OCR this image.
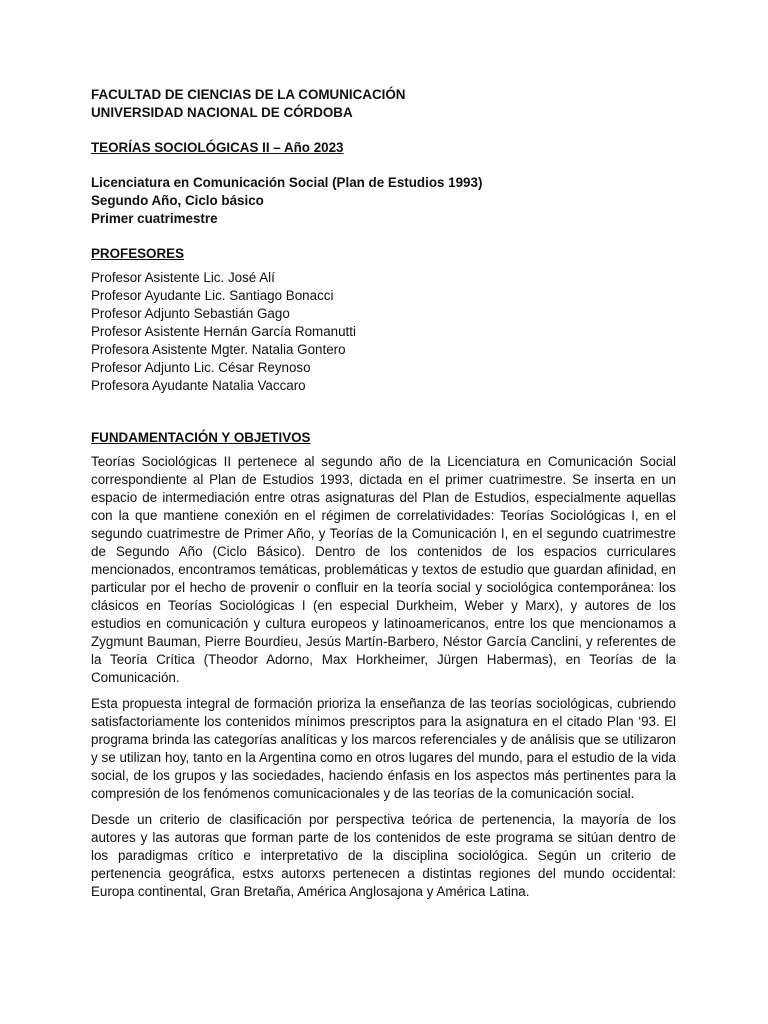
FACULTAD DE CIENCIAS DE LA COMUNICACIÓN
UNIVERSIDAD NACIONAL DE CÓRDOBA
TEORÍAS SOCIOLÓGICAS II – Año 2023
Licenciatura en Comunicación Social (Plan de Estudios 1993)
Segundo Año, Ciclo básico
Primer cuatrimestre
PROFESORES
Profesor Asistente Lic. José Alí
Profesor Ayudante Lic. Santiago Bonacci
Profesor Adjunto Sebastián Gago
Profesor Asistente Hernán García Romanutti
Profesora Asistente Mgter. Natalia Gontero
Profesor Adjunto Lic. César Reynoso
Profesora Ayudante Natalia Vaccaro
FUNDAMENTACIÓN Y OBJETIVOS

Teorías Sociológicas II pertenece al segundo año de la Licenciatura en Comunicación Social correspondiente al Plan de Estudios 1993, dictada en el primer cuatrimestre. Se inserta en un espacio de intermediación entre otras asignaturas del Plan de Estudios, especialmente aquellas con la que mantiene conexión en el régimen de correlatividades: Teorías Sociológicas I, en el segundo cuatrimestre de Primer Año, y Teorías de la Comunicación I, en el segundo cuatrimestre de Segundo Año (Ciclo Básico). Dentro de los contenidos de los espacios curriculares mencionados, encontramos temáticas, problemáticas y textos de estudio que guardan afinidad, en particular por el hecho de provenir o confluir en la teoría social y sociológica contemporánea: los clásicos en Teorías Sociológicas I (en especial Durkheim, Weber y Marx), y autores de los estudios en comunicación y cultura europeos y latinoamericanos, entre los que mencionamos a Zygmunt Bauman, Pierre Bourdieu, Jesús Martín-Barbero, Néstor García Canclini, y referentes de la Teoría Crítica (Theodor Adorno, Max Horkheimer, Jürgen Habermas), en Teorías de la Comunicación.

Esta propuesta integral de formación prioriza la enseñanza de las teorías sociológicas, cubriendo satisfactoriamente los contenidos mínimos prescriptos para la asignatura en el citado Plan ‘93. El programa brinda las categorías analíticas y los marcos referenciales y de análisis que se utilizaron y se utilizan hoy, tanto en la Argentina como en otros lugares del mundo, para el estudio de la vida social, de los grupos y las sociedades, haciendo énfasis en los aspectos más pertinentes para la compresión de los fenómenos comunicacionales y de las teorías de la comunicación social.

Desde un criterio de clasificación por perspectiva teórica de pertenencia, la mayoría de los autores y las autoras que forman parte de los contenidos de este programa se sitúan dentro de los paradigmas crítico e interpretativo de la disciplina sociológica. Según un criterio de pertenencia geográfica, estxs autorxs pertenecen a distintas regiones del mundo occidental: Europa continental, Gran Bretaña, América Anglosajona y América Latina.
